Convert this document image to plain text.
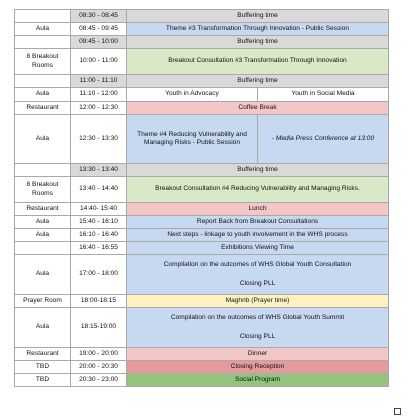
	08:30 - 08:45	Buffering time	

Aula	08:45 - 09:45	Theme #3 Transformation Through Innovation - Public Session	

	09:45 - 10:00	Buffering time	

8 Breakout Rooms	10:00 - 11:00	Breakout Consultation #3 Transformation Through Innovation	

	11:00 - 11:10	Buffering time	

Aula	11:10 - 12:00	Youth in Advocacy	Youth in Social Media

Restaurant	12:00 - 12:30	Coffee Break	

Aula	12:30 - 13:30	Theme #4 Reducing Vulnerability and Managing Risks - Public Session	- Media Press Conference at 13:00

	13:30 - 13:40	Buffering time	

8 Breakout Rooms	13:40 - 14:40	Breakout Consultation #4 Reducing Vulnerability and Managing Risks.	

Restaurant	14:40- 15:40	Lunch	

Aula	15:40 - 16:10	Report Back from Breakout Consultations	

Aula	16:10 - 16:40	Next steps - linkage to youth involvement in the WHS process	

	16:40 - 16:55	Exhibitions Viewing Time	

Aula	17:00 - 18:00	Compilation on the outcomes of WHS Global Youth Consultation
Closing PLL	

Prayer Room	18:00-18:15	Maghrib (Prayer time)	

Aula	18:15-19:00	Compilation on the outcomes of WHS Global Youth Summit
Closing PLL	

Restaurant	19:00 - 20:00	Dinner	

TBD	20:00 - 20:30	Closing Reception	

TBD	20:30 - 23:00	Social Program	
